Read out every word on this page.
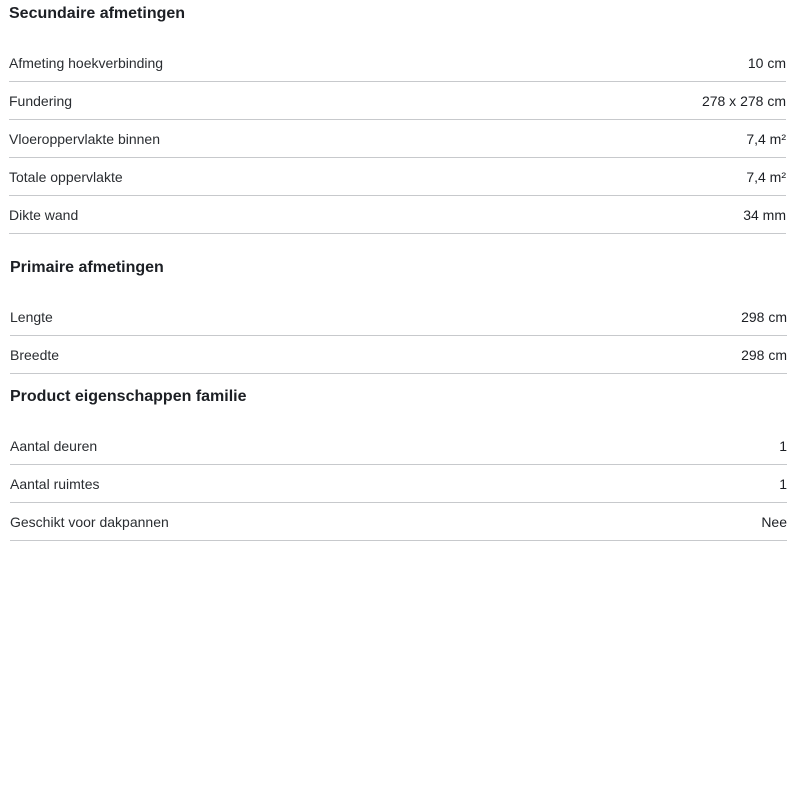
Secundaire afmetingen
Afmeting hoekverbinding	10 cm
Fundering	278 x 278 cm
Vloeroppervlakte binnen	7,4 m²
Totale oppervlakte	7,4 m²
Dikte wand	34 mm
Primaire afmetingen
Lengte	298 cm
Breedte	298 cm
Product eigenschappen familie
Aantal deuren	1
Aantal ruimtes	1
Geschikt voor dakpannen	Nee
